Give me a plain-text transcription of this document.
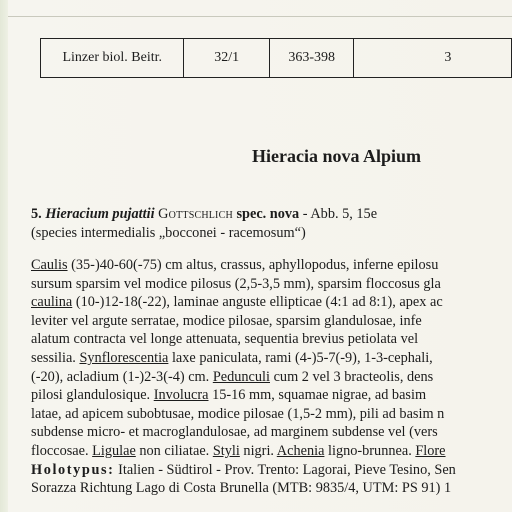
Linzer biol. Beitr.	32/1	363-398	3
Hieracia nova Alpium
5. Hieracium pujattii Gottschlich spec. nova - Abb. 5, 15e
(species intermedialis „bocconei - racemosum“)
Caulis (35-)40-60(-75) cm altus, crassus, aphyllopodus, inferne epilosu
sursum sparsim vel modice pilosus (2,5-3,5 mm), sparsim floccosus gla
caulina (10-)12-18(-22), laminae anguste ellipticae (4:1 ad 8:1), apex ac
leviter vel argute serratae, modice pilosae, sparsim glandulosae, infe
alatum contracta vel longe attenuata, sequentia brevius petiolata vel
sessilia. Synflorescentia laxe paniculata, rami (4-)5-7(-9), 1-3-cephali,
(-20), acladium (1-)2-3(-4) cm. Pedunculi cum 2 vel 3 bracteolis, dens
pilosi glandulosique. Involucra 15-16 mm, squamae nigrae, ad basim
latae, ad apicem subobtusae, modice pilosae (1,5-2 mm), pili ad basim n
subdense micro- et macroglandulosae, ad marginem subdense vel (vers
floccosae. Ligulae non ciliatae. Styli nigri. Achenia ligno-brunnea. Flore
Holotypus: Italien - Südtirol - Prov. Trento: Lagorai, Pieve Tesino, Sen
Sorazza Richtung Lago di Costa Brunella (MTB: 9835/4, UTM: PS 91) 1
